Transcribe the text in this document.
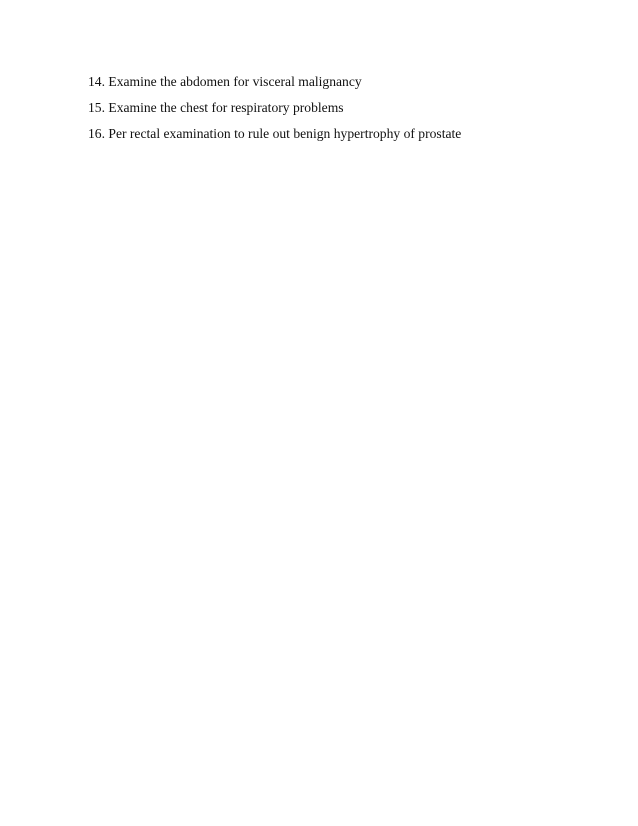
14. Examine the abdomen for visceral malignancy
15. Examine the chest for respiratory problems
16. Per rectal examination to rule out benign hypertrophy of prostate
